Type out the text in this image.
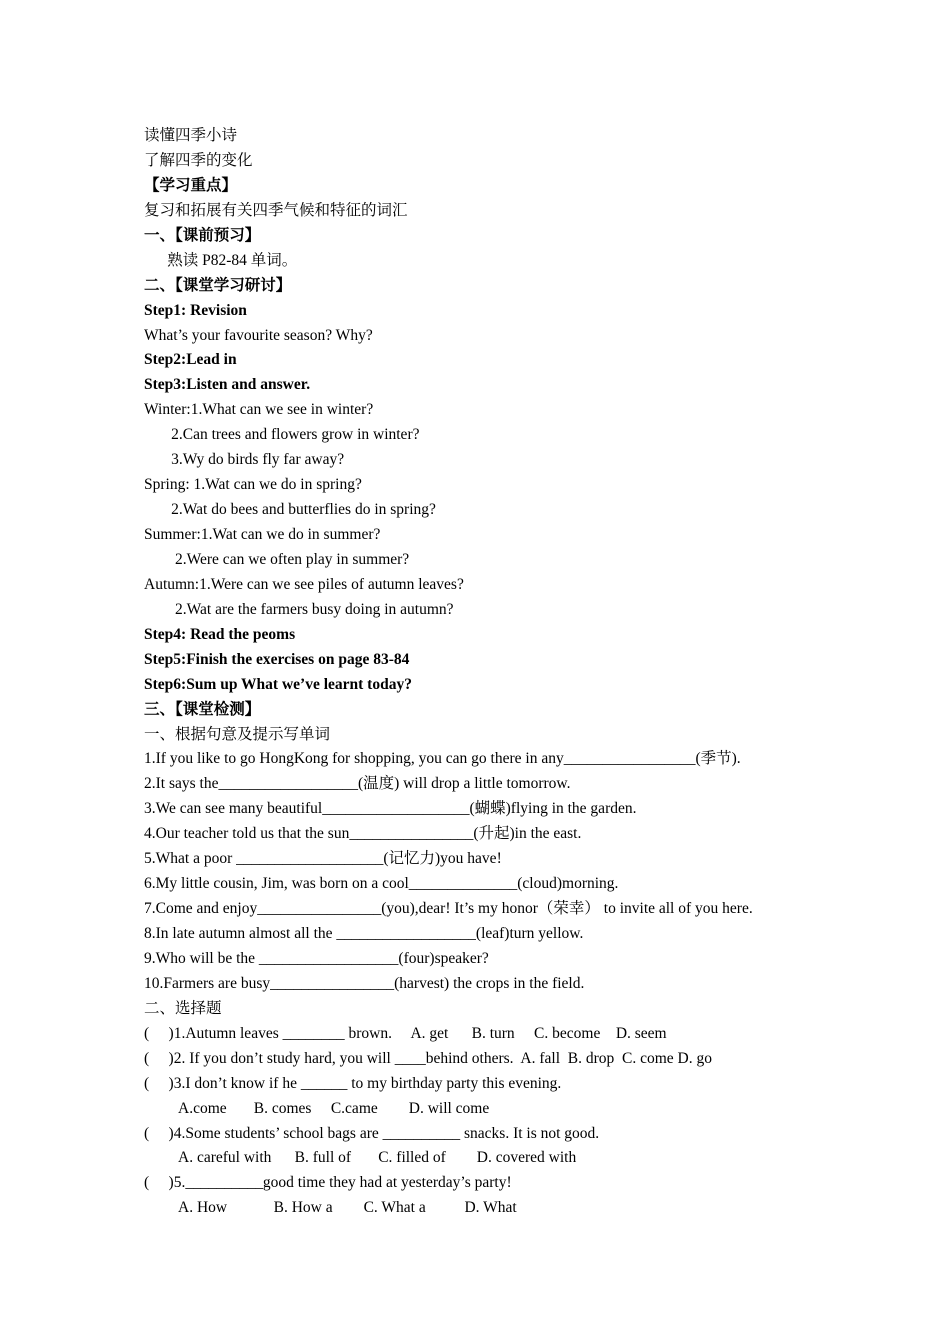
读懂四季小诗
了解四季的变化
【学习重点】
复习和拓展有关四季气候和特征的词汇
一、【课前预习】
熟读 P82-84 单词。
二、【课堂学习研讨】
Step1: Revision
What’s your favourite season? Why?
Step2:Lead in
Step3:Listen and answer.
Winter:1.What can we see in winter?
2.Can trees and flowers grow in winter?
3.Wy do birds fly far away?
Spring: 1.Wat can we do in spring?
2.Wat do bees and butterflies do in spring?
Summer:1.Wat can we do in summer?
2.Were can we often play in summer?
Autumn:1.Were can we see piles of autumn leaves?
2.Wat are the farmers busy doing in autumn?
Step4: Read the peoms
Step5:Finish the exercises on page 83-84
Step6:Sum up What we’ve learnt today?
三、【课堂检测】
一、根据句意及提示写单词
1.If you like to go HongKong for shopping, you can go there in any_________________(季节).
2.It says the__________________(温度) will drop a little tomorrow.
3.We can see many beautiful___________________(蝴蝶)flying in the garden.
4.Our teacher told us that the sun________________(升起)in the east.
5.What a poor ___________________(记忆力)you have!
6.My little cousin, Jim, was born on a cool______________(cloud)morning.
7.Come and enjoy________________(you),dear! It’s my honor（荣幸） to invite all of you here.
8.In late autumn almost all the __________________(leaf)turn yellow.
9.Who will be the __________________(four)speaker?
10.Farmers are busy________________(harvest) the crops in the field.
二、选择题
(     )1.Autumn leaves ________ brown.     A. get      B. turn     C. become    D. seem
(     )2. If you don’t study hard, you will ____behind others.  A. fall  B. drop  C. come D. go
(     )3.I don’t know if he ______ to my birthday party this evening.
A.come       B. comes     C.came        D. will come
(     )4.Some students’ school bags are __________ snacks. It is not good.
A. careful with      B. full of       C. filled of        D. covered with
(     )5.__________good time they had at yesterday’s party!
A. How            B. How a        C. What a          D. What
